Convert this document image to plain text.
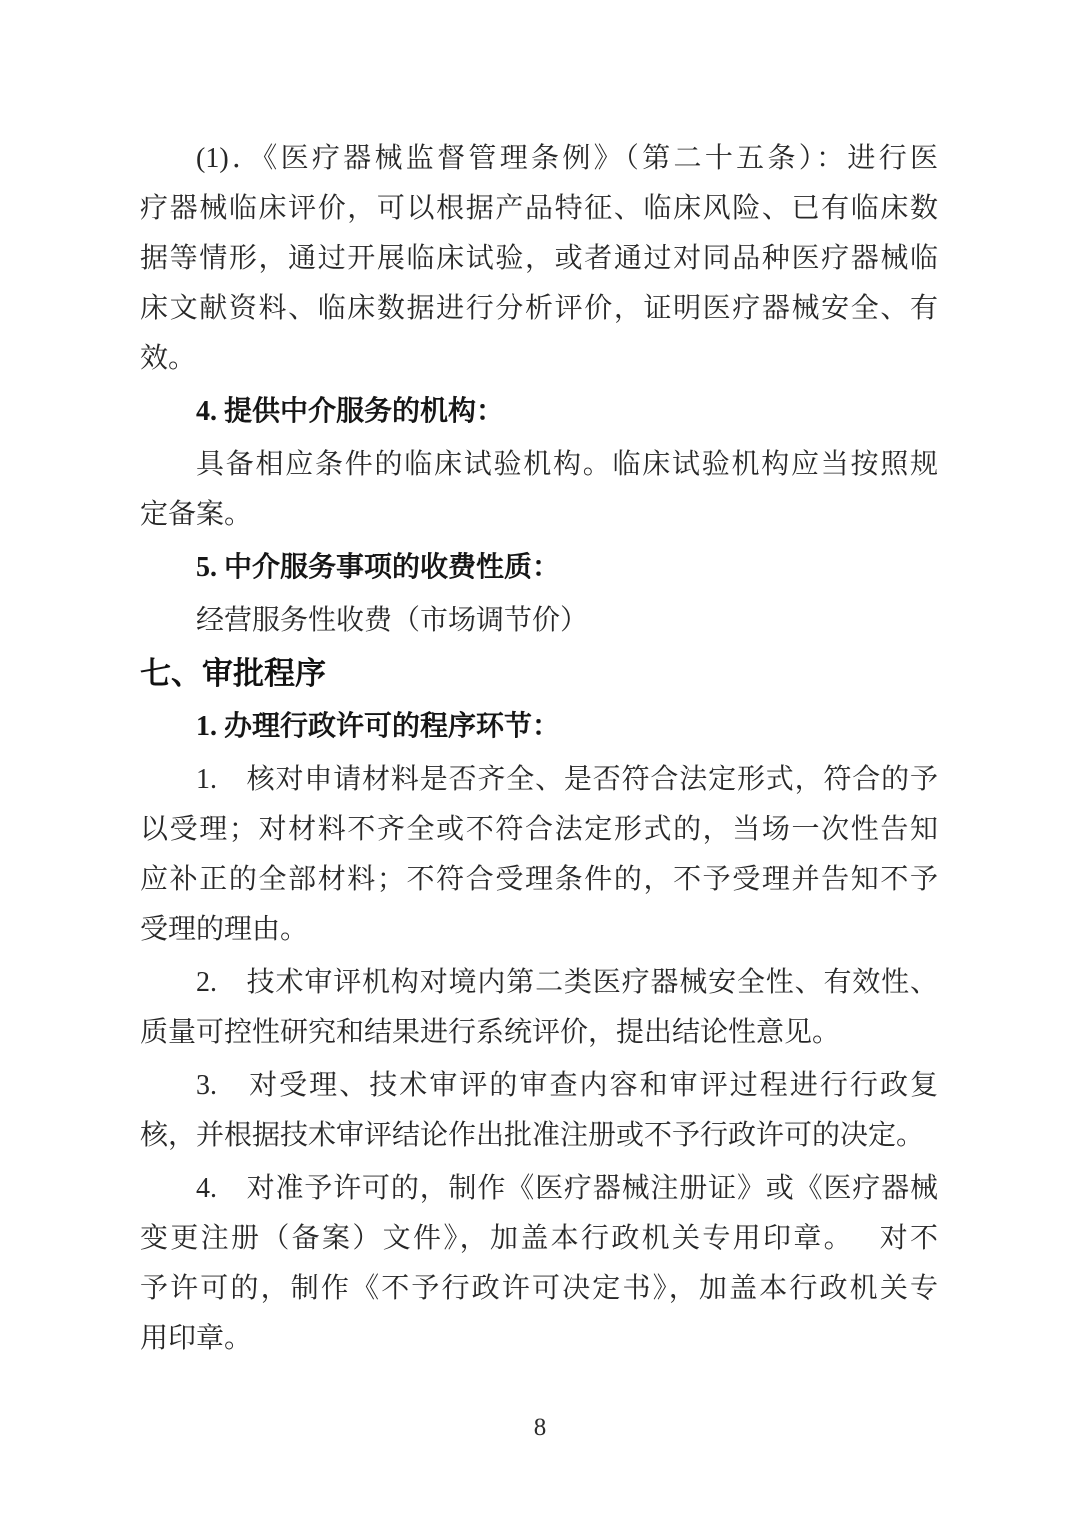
(1)．《医疗器械监督管理条例》（第二十五条）：进行医
疗器械临床评价，可以根据产品特征、临床风险、已有临床数
据等情形，通过开展临床试验，或者通过对同品种医疗器械临
床文献资料、临床数据进行分析评价，证明医疗器械安全、有
效。
4. 提供中介服务的机构：
具备相应条件的临床试验机构。临床试验机构应当按照规
定备案。
5. 中介服务事项的收费性质：
经营服务性收费（市场调节价）
七、审批程序
1. 办理行政许可的程序环节：
1.　核对申请材料是否齐全、是否符合法定形式，符合的予
以受理；对材料不齐全或不符合法定形式的，当场一次性告知
应补正的全部材料；不符合受理条件的，不予受理并告知不予
受理的理由。
2.　技术审评机构对境内第二类医疗器械安全性、有效性、
质量可控性研究和结果进行系统评价，提出结论性意见。
3.　对受理、技术审评的审查内容和审评过程进行行政复
核，并根据技术审评结论作出批准注册或不予行政许可的决定。
4.　对准予许可的，制作《医疗器械注册证》或《医疗器械
变更注册（备案）文件》，加盖本行政机关专用印章。　 对不
予许可的，制作《不予行政许可决定书》，加盖本行政机关专
用印章。
8
